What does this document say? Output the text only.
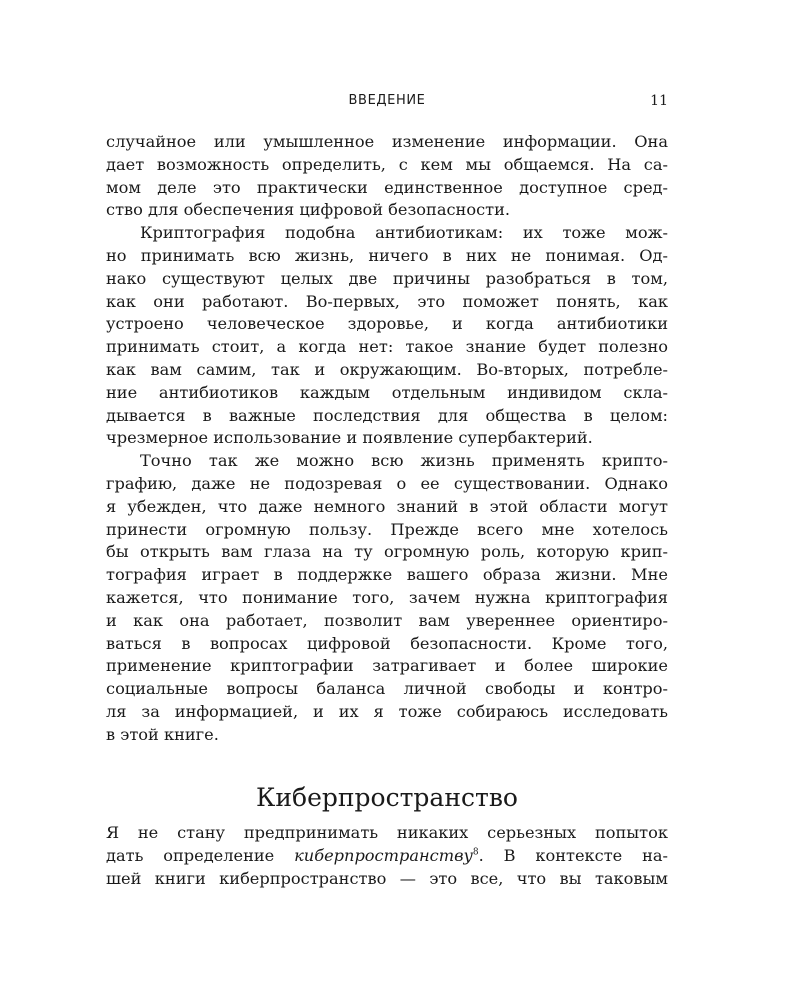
ВВЕДЕНИЕ	11
случайное или умышленное изменение информации. Она
дает возможность определить, с кем мы общаемся. На са-
мом деле это практически единственное доступное сред-
ство для обеспечения цифровой безопасности.
Криптография подобна антибиотикам: их тоже мож-
но принимать всю жизнь, ничего в них не понимая. Од-
нако существуют целых две причины разобраться в том,
как они работают. Во-первых, это поможет понять, как
устроено человеческое здоровье, и когда антибиотики
принимать стоит, а когда нет: такое знание будет полезно
как вам самим, так и окружающим. Во-вторых, потребле-
ние антибиотиков каждым отдельным индивидом скла-
дывается в важные последствия для общества в целом:
чрезмерное использование и появление супербактерий.
Точно так же можно всю жизнь применять крипто-
графию, даже не подозревая о ее существовании. Однако
я убежден, что даже немного знаний в этой области могут
принести огромную пользу. Прежде всего мне хотелось
бы открыть вам глаза на ту огромную роль, которую крип-
тография играет в поддержке вашего образа жизни. Мне
кажется, что понимание того, зачем нужна криптография
и как она работает, позволит вам увереннее ориентиро-
ваться в вопросах цифровой безопасности. Кроме того,
применение криптографии затрагивает и более широкие
социальные вопросы баланса личной свободы и контро-
ля за информацией, и их я тоже собираюсь исследовать
в этой книге.
Киберпространство
Я не стану предпринимать никаких серьезных попыток
дать определение киберпространству$^8$. В контексте на-
шей книги киберпространство — это все, что вы таковым
